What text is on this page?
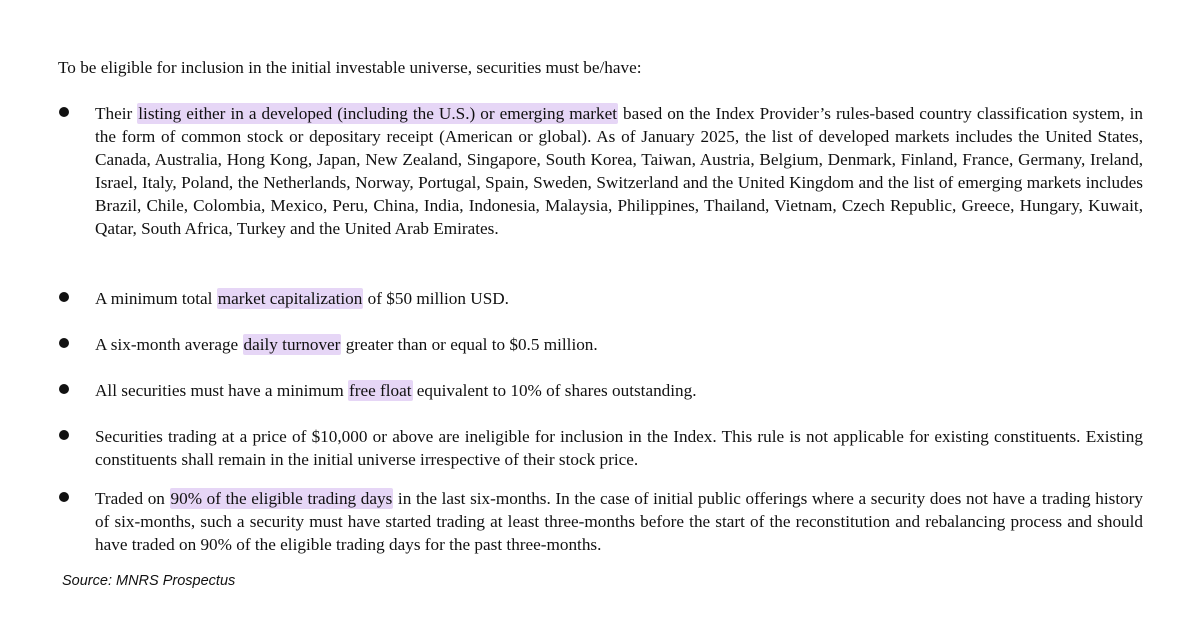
To be eligible for inclusion in the initial investable universe, securities must be/have:
Their listing either in a developed (including the U.S.) or emerging market based on the Index Provider’s rules-based country classification system, in the form of common stock or depositary receipt (American or global). As of January 2025, the list of developed markets includes the United States, Canada, Australia, Hong Kong, Japan, New Zealand, Singapore, South Korea, Taiwan, Austria, Belgium, Denmark, Finland, France, Germany, Ireland, Israel, Italy, Poland, the Netherlands, Norway, Portugal, Spain, Sweden, Switzerland and the United Kingdom and the list of emerging markets includes Brazil, Chile, Colombia, Mexico, Peru, China, India, Indonesia, Malaysia, Philippines, Thailand, Vietnam, Czech Republic, Greece, Hungary, Kuwait, Qatar, South Africa, Turkey and the United Arab Emirates.
A minimum total market capitalization of $50 million USD.
A six-month average daily turnover greater than or equal to $0.5 million.
All securities must have a minimum free float equivalent to 10% of shares outstanding.
Securities trading at a price of $10,000 or above are ineligible for inclusion in the Index. This rule is not applicable for existing constituents. Existing constituents shall remain in the initial universe irrespective of their stock price.
Traded on 90% of the eligible trading days in the last six-months. In the case of initial public offerings where a security does not have a trading history of six-months, such a security must have started trading at least three-months before the start of the reconstitution and rebalancing process and should have traded on 90% of the eligible trading days for the past three-months.
Source: MNRS Prospectus
